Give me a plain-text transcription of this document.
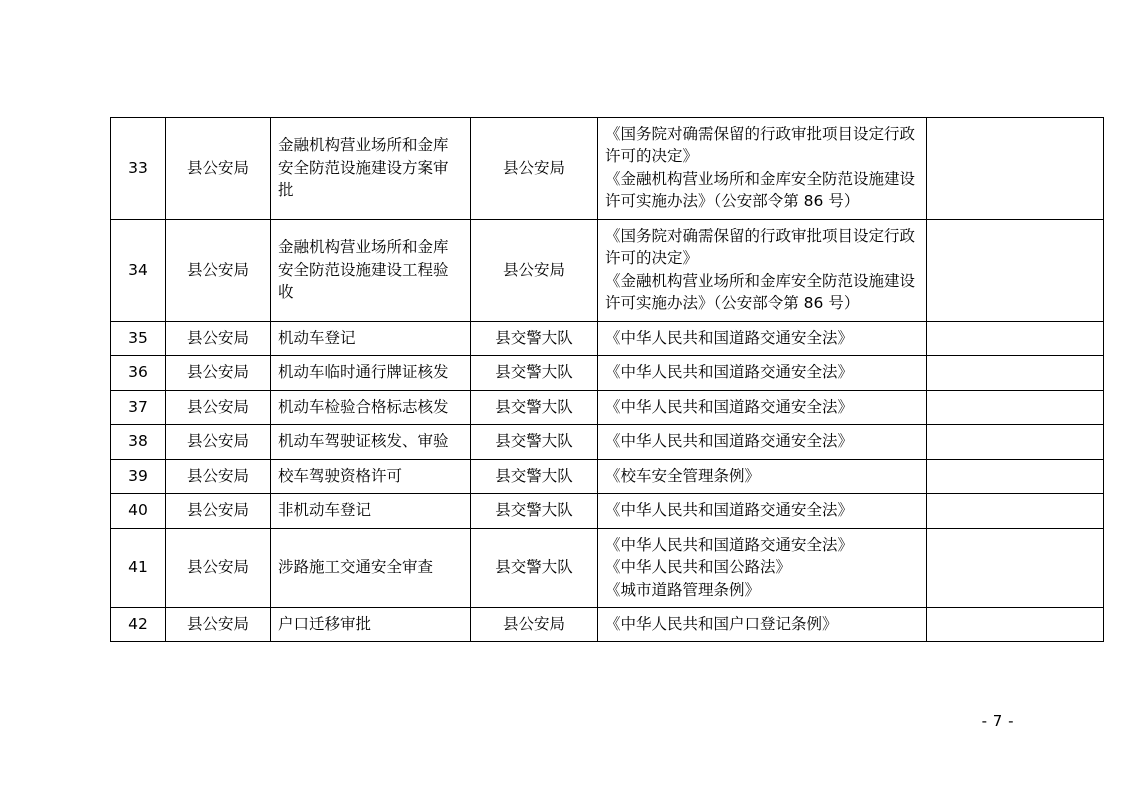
33	县公安局	金融机构营业场所和金库安全防范设施建设方案审批	县公安局	《国务院对确需保留的行政审批项目设定行政许可的决定》
《金融机构营业场所和金库安全防范设施建设许可实施办法》（公安部令第 86 号）	

34	县公安局	金融机构营业场所和金库安全防范设施建设工程验收	县公安局	《国务院对确需保留的行政审批项目设定行政许可的决定》
《金融机构营业场所和金库安全防范设施建设许可实施办法》（公安部令第 86 号）	

35	县公安局	机动车登记	县交警大队	《中华人民共和国道路交通安全法》	

36	县公安局	机动车临时通行牌证核发	县交警大队	《中华人民共和国道路交通安全法》	

37	县公安局	机动车检验合格标志核发	县交警大队	《中华人民共和国道路交通安全法》	

38	县公安局	机动车驾驶证核发、审验	县交警大队	《中华人民共和国道路交通安全法》	

39	县公安局	校车驾驶资格许可	县交警大队	《校车安全管理条例》	

40	县公安局	非机动车登记	县交警大队	《中华人民共和国道路交通安全法》	

41	县公安局	涉路施工交通安全审查	县交警大队	《中华人民共和国道路交通安全法》
《中华人民共和国公路法》
《城市道路管理条例》	

42	县公安局	户口迁移审批	县公安局	《中华人民共和国户口登记条例》	

- 7 -
